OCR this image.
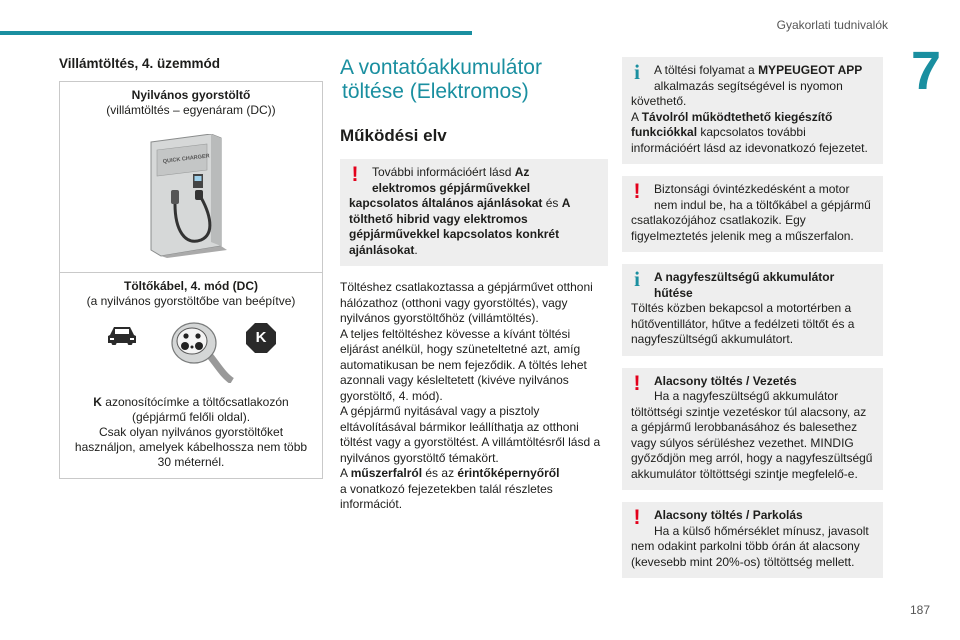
Gyakorlati tudnivalók
7
187
Villámtöltés, 4. üzemmód
Nyilvános gyorstöltő
(villámtöltés – egyenáram (DC))
QUICK CHARGER
Töltőkábel, 4. mód (DC)
(a nyilvános gyorstöltőbe van beépítve)
K
K azonosítócímke a töltőcsatlakozón
(gépjármű felőli oldal).
Csak olyan nyilvános gyorstöltőket
használjon, amelyek kábelhossza nem több
30 méternél.
A vontatóakkumulátor
töltése (Elektromos)
Működési elv
!	További információért lásd Az
elektromos gépjárművekkel
kapcsolatos általános ajánlásokat és A
tölthető hibrid vagy elektromos
gépjárművekkel kapcsolatos konkrét
ajánlásokat.
Töltéshez csatlakoztassa a gépjárművet otthoni
hálózathoz (otthoni vagy gyorstöltés), vagy
nyilvános gyorstöltőhöz (villámtöltés).
A teljes feltöltéshez kövesse a kívánt töltési
eljárást anélkül, hogy szüneteltetné azt, amíg
automatikusan be nem fejeződik. A töltés lehet
azonnali vagy késleltetett (kivéve nyilvános
gyorstöltő, 4. mód).
A gépjármű nyitásával vagy a pisztoly
eltávolításával bármikor leállíthatja az otthoni
töltést vagy a gyorstöltést. A villámtöltésről lásd a
nyilvános gyorstöltő témakört.
A műszerfalról és az érintőképernyőről
a vonatkozó fejezetekben talál részletes
információt.
i	A töltési folyamat a MYPEUGEOT APP
alkalmazás segítségével is nyomon
követhető.
A Távolról működtethető kiegészítő
funkciókkal kapcsolatos további
információért lásd az idevonatkozó fejezetet.
!	Biztonsági óvintézkedésként a motor
nem indul be, ha a töltőkábel a gépjármű
csatlakozójához csatlakozik. Egy
figyelmeztetés jelenik meg a műszerfalon.
i	A nagyfeszültségű akkumulátor
hűtése
Töltés közben bekapcsol a motortérben a
hűtőventillátor, hűtve a fedélzeti töltőt és a
nagyfeszültségű akkumulátort.
!	Alacsony töltés / Vezetés
Ha a nagyfeszültségű akkumulátor
töltöttségi szintje vezetéskor túl alacsony, az
a gépjármű lerobbanásához és balesethez
vagy súlyos sérüléshez vezethet. MINDIG
győződjön meg arról, hogy a nagyfeszültségű
akkumulátor töltöttségi szintje megfelelő-e.
!	Alacsony töltés / Parkolás
Ha a külső hőmérséklet mínusz, javasolt
nem odakint parkolni több órán át alacsony
(kevesebb mint 20%-os) töltöttség mellett.
